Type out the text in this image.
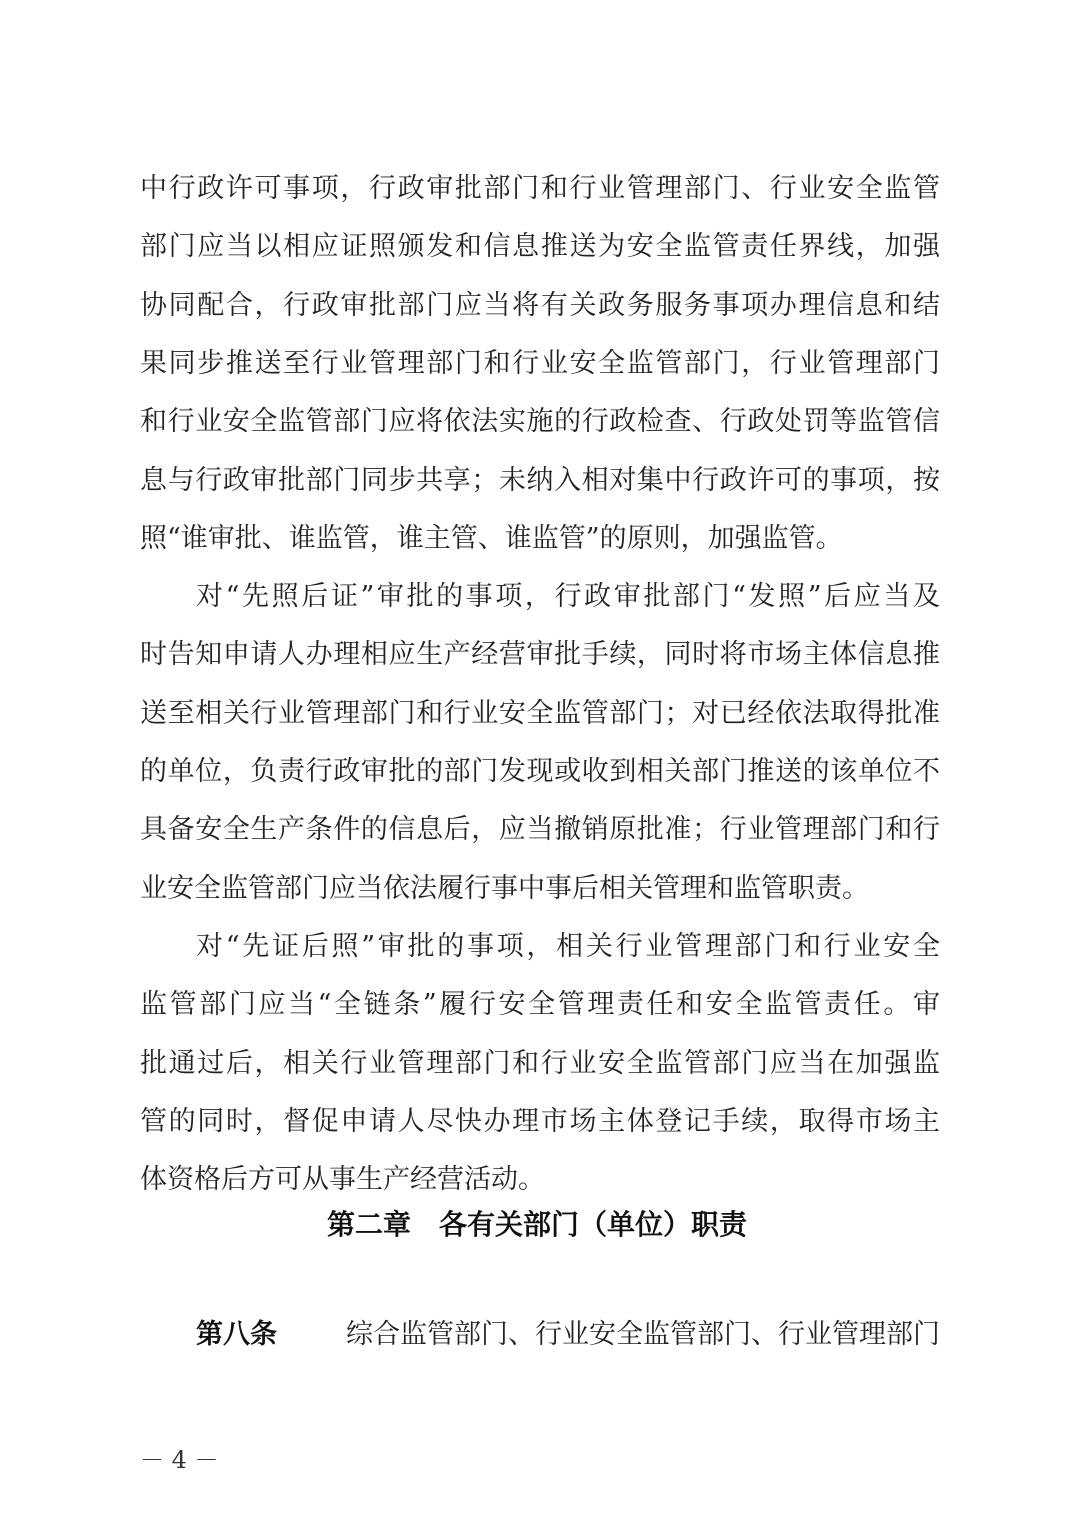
中行政许可事项，行政审批部门和行业管理部门、行业安全监管
部门应当以相应证照颁发和信息推送为安全监管责任界线，加强
协同配合，行政审批部门应当将有关政务服务事项办理信息和结
果同步推送至行业管理部门和行业安全监管部门，行业管理部门
和行业安全监管部门应将依法实施的行政检查、行政处罚等监管信
息与行政审批部门同步共享；未纳入相对集中行政许可的事项，按
照“谁审批、谁监管，谁主管、谁监管”的原则，加强监管。
对“先照后证”审批的事项，行政审批部门“发照”后应当及
时告知申请人办理相应生产经营审批手续，同时将市场主体信息推
送至相关行业管理部门和行业安全监管部门；对已经依法取得批准
的单位，负责行政审批的部门发现或收到相关部门推送的该单位不
具备安全生产条件的信息后，应当撤销原批准；行业管理部门和行
业安全监管部门应当依法履行事中事后相关管理和监管职责。
对“先证后照”审批的事项，相关行业管理部门和行业安全
监管部门应当“全链条”履行安全管理责任和安全监管责任。审
批通过后，相关行业管理部门和行业安全监管部门应当在加强监
管的同时，督促申请人尽快办理市场主体登记手续，取得市场主
体资格后方可从事生产经营活动。
第二章　各有关部门（单位）职责
第八条	综合监管部门、行业安全监管部门、行业管理部门
－ 4 －
